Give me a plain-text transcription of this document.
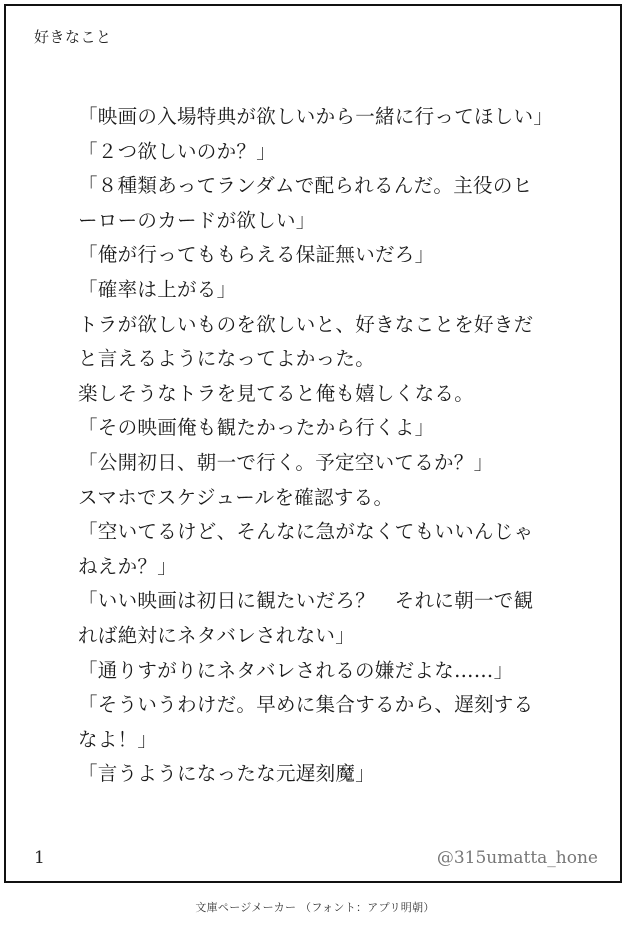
好きなこと
「映画の入場特典が欲しいから一緒に行ってほしい」
「２つ欲しいのか？」
「８種類あってランダムで配られるんだ。主役のヒ
ーローのカードが欲しい」
「俺が行ってももらえる保証無いだろ」
「確率は上がる」
トラが欲しいものを欲しいと、好きなことを好きだ
と言えるようになってよかった。
楽しそうなトラを見てると俺も嬉しくなる。
「その映画俺も観たかったから行くよ」
「公開初日、朝一で行く。予定空いてるか？」
スマホでスケジュールを確認する。
「空いてるけど、そんなに急がなくてもいいんじゃ
ねえか？」
「いい映画は初日に観たいだろ？　それに朝一で観
れば絶対にネタバレされない」
「通りすがりにネタバレされるの嫌だよな……」
「そういうわけだ。早めに集合するから、遅刻する
なよ！」
「言うようになったな元遅刻魔」
1	@315umatta_hone
文庫ページメーカー （フォント：アプリ明朝）
